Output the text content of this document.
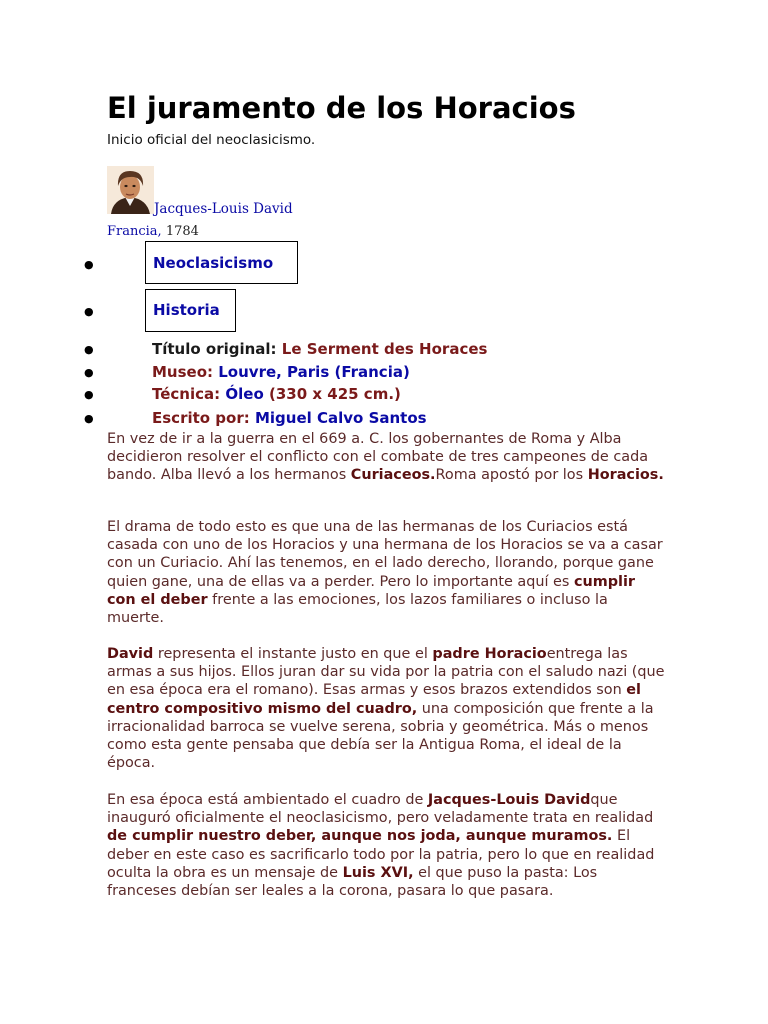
El juramento de los Horacios

Inicio oficial del neoclasicismo.

Jacques-Louis David
Francia, 1784
●	Neoclasicismo
●	Historia
●	Título original: Le Serment des Horaces
●	Museo: Louvre, Paris (Francia)
●	Técnica: Óleo (330 x 425 cm.)
●	Escrito por: Miguel Calvo Santos

En vez de ir a la guerra en el 669 a. C. los gobernantes de Roma y Alba decidieron resolver el conflicto con el combate de tres campeones de cada bando. Alba llevó a los hermanos Curiaceos.Roma apostó por los Horacios.

El drama de todo esto es que una de las hermanas de los Curiacios está casada con uno de los Horacios y una hermana de los Horacios se va a casar con un Curiacio. Ahí las tenemos, en el lado derecho, llorando, porque gane quien gane, una de ellas va a perder. Pero lo importante aquí es cumplir con el deber frente a las emociones, los lazos familiares o incluso la muerte.

David representa el instante justo en que el padre Horacioentrega las armas a sus hijos. Ellos juran dar su vida por la patria con el saludo nazi (que en esa época era el romano). Esas armas y esos brazos extendidos son el centro compositivo mismo del cuadro, una composición que frente a la irracionalidad barroca se vuelve serena, sobria y geométrica. Más o menos como esta gente pensaba que debía ser la Antigua Roma, el ideal de la época.

En esa época está ambientado el cuadro de Jacques-Louis Davidque inauguró oficialmente el neoclasicismo, pero veladamente trata en realidad de cumplir nuestro deber, aunque nos joda, aunque muramos. El deber en este caso es sacrificarlo todo por la patria, pero lo que en realidad oculta la obra es un mensaje de Luis XVI, el que puso la pasta: Los franceses debían ser leales a la corona, pasara lo que pasara.
